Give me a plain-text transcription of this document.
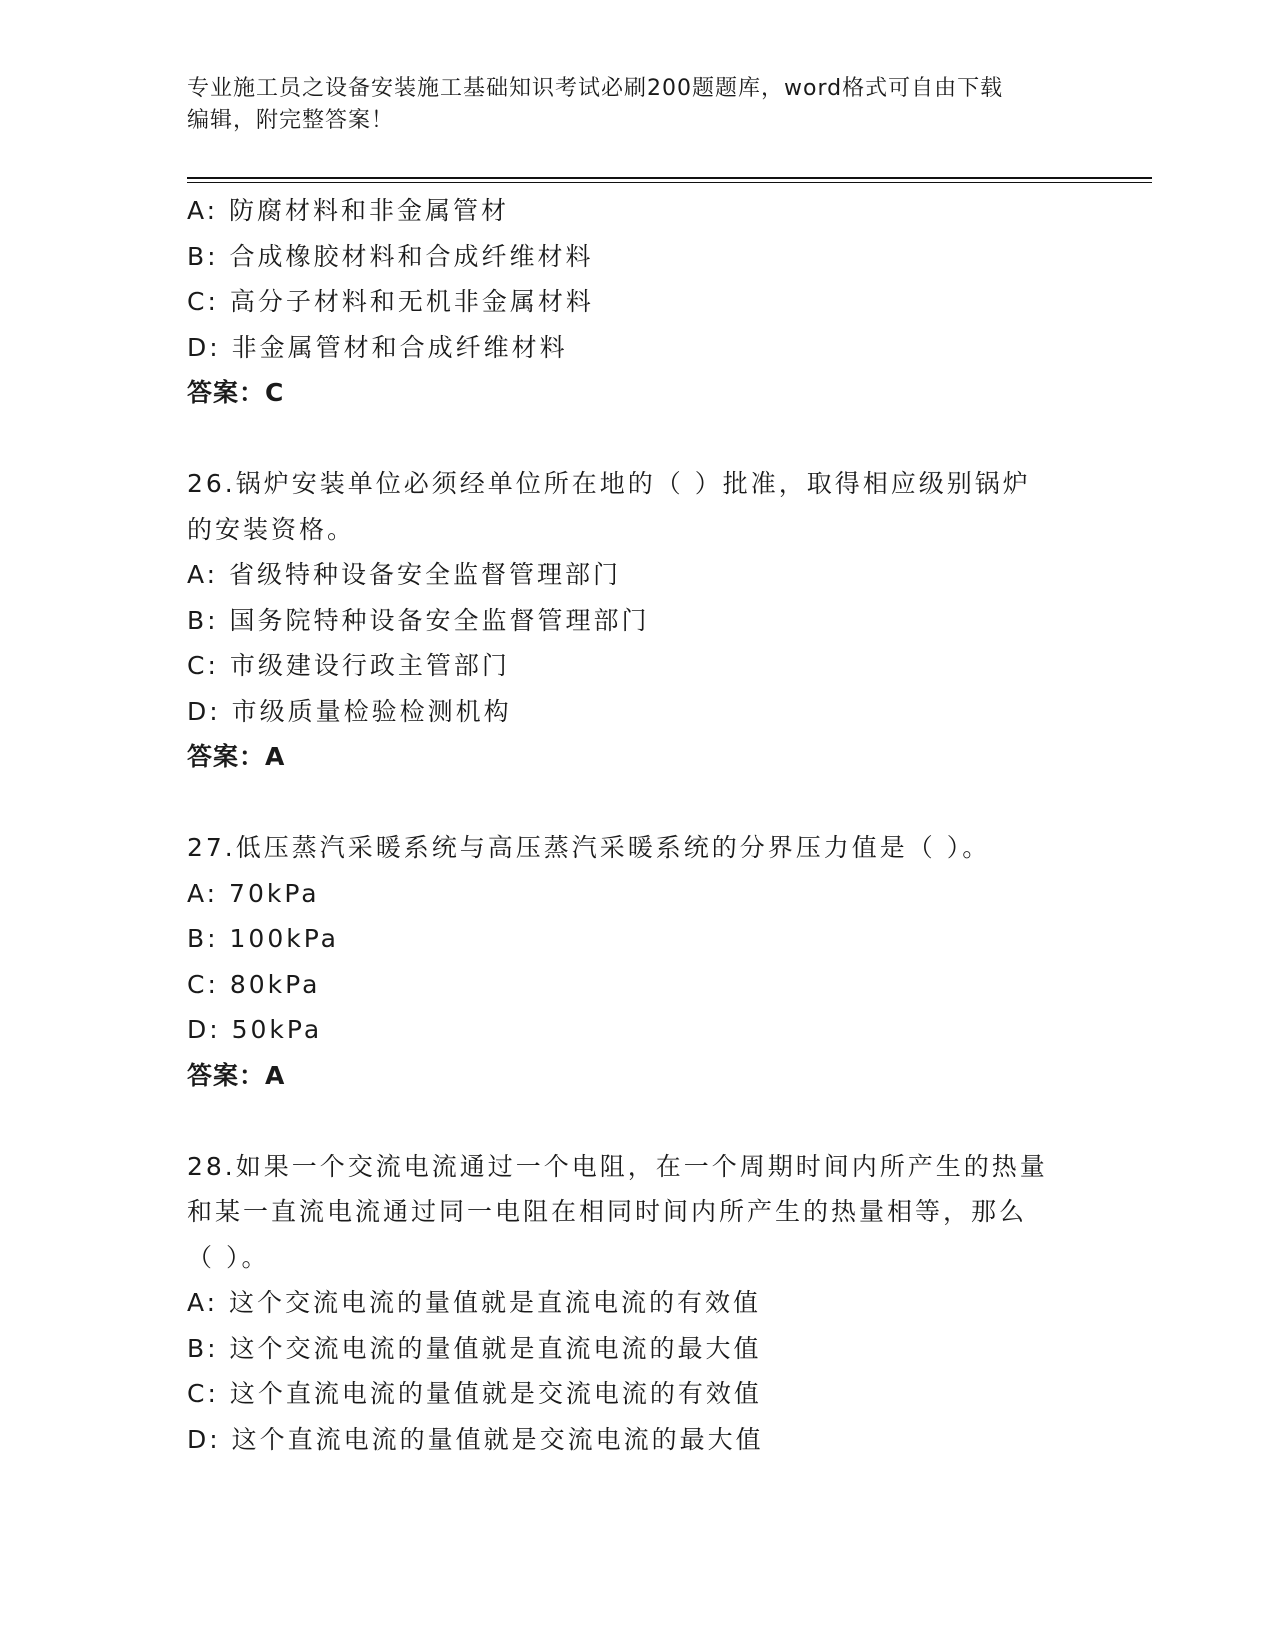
专业施工员之设备安装施工基础知识考试必刷200题题库，word格式可自由下载
编辑，附完整答案！
A: 防腐材料和非金属管材
B: 合成橡胶材料和合成纤维材料
C: 高分子材料和无机非金属材料
D: 非金属管材和合成纤维材料
答案：C
26.锅炉安装单位必须经单位所在地的（ ）批准，取得相应级别锅炉
的安装资格。
A: 省级特种设备安全监督管理部门
B: 国务院特种设备安全监督管理部门
C: 市级建设行政主管部门
D: 市级质量检验检测机构
答案：A
27.低压蒸汽采暖系统与高压蒸汽采暖系统的分界压力值是（ ）。
A: 70kPa
B: 100kPa
C: 80kPa
D: 50kPa
答案：A
28.如果一个交流电流通过一个电阻，在一个周期时间内所产生的热量
和某一直流电流通过同一电阻在相同时间内所产生的热量相等，那么
（ ）。
A: 这个交流电流的量值就是直流电流的有效值
B: 这个交流电流的量值就是直流电流的最大值
C: 这个直流电流的量值就是交流电流的有效值
D: 这个直流电流的量值就是交流电流的最大值
